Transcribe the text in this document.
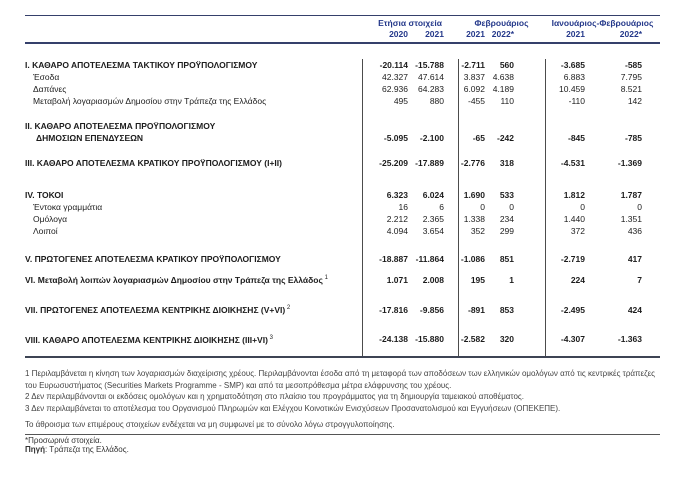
Ετήσια στοιχεία	Φεβρουάριος	Ιανουάριος-Φεβρουάριος
2020	2021	2021 2022*	2021	2022*
I. ΚΑΘΑΡΟ ΑΠΟΤΕΛΕΣΜΑ ΤΑΚΤΙΚΟΥ ΠΡΟΫΠΟΛΟΓΙΣΜΟΥ	-20.114 -15.788	-2.711	560	-3.685	-585
Έσοδα	42.327	47.614	3.837 4.638	6.883	7.795
Δαπάνες	62.936	64.283	6.092 4.189	10.459	8.521
Μεταβολή λογαριασμών Δημοσίου στην Τράπεζα της Ελλάδος	495	880	-455	110	-110	142
II. ΚΑΘΑΡΟ ΑΠΟΤΕΛΕΣΜΑ ΠΡΟΫΠΟΛΟΓΙΣΜΟΥ
ΔΗΜΟΣΙΩΝ ΕΠΕΝΔΥΣΕΩΝ	-5.095	-2.100	-65	-242	-845	-785
III. ΚΑΘΑΡΟ ΑΠΟΤΕΛΕΣΜΑ ΚΡΑΤΙΚΟΥ ΠΡΟΫΠΟΛΟΓΙΣΜΟΥ (I+II)	-25.209 -17.889	-2.776	318	-4.531	-1.369
IV. ΤΟΚΟΙ	6.323	6.024	1.690	533	1.812	1.787
Έντοκα γραμμάτια	16	6	0	0	0	0
Ομόλογα	2.212	2.365	1.338	234	1.440	1.351
Λοιποί	4.094	3.654	352	299	372	436
V. ΠΡΩΤΟΓΕΝΕΣ ΑΠΟΤΕΛΕΣΜΑ ΚΡΑΤΙΚΟΥ ΠΡΟΫΠΟΛΟΓΙΣΜΟΥ	-18.887 -11.864	-1.086	851	-2.719	417
VI. Μεταβολή λοιπών λογαριασμών Δημοσίου στην Τράπεζα της Ελλάδος $^1$	1.071	2.008	195	1	224	7
VII. ΠΡΩΤΟΓΕΝΕΣ ΑΠΟΤΕΛΕΣΜΑ ΚΕΝΤΡΙΚΗΣ ΔΙΟΙΚΗΣΗΣ (V+VI) $^2$	-17.816	-9.856	-891	853	-2.495	424
VIII. ΚΑΘΑΡΟ ΑΠΟΤΕΛΕΣΜΑ ΚΕΝΤΡΙΚΗΣ ΔΙΟΙΚΗΣΗΣ (III+VI) $^3$	-24.138 -15.880	-2.582	320	-4.307	-1.363
1 Περιλαμβάνεται η κίνηση των λογαριασμών διαχείρισης χρέους. Περιλαμβάνονται έσοδα από τη μεταφορά των αποδόσεων των ελληνικών ομολόγων από τις κεντρικές τράπεζες του Ευρωσυστήματος (Securities Markets Programme - SMP) και από τα μεσοπρόθεσμα μέτρα ελάφρυνσης του χρέους.
2 Δεν περιλαμβάνονται οι εκδόσεις ομολόγων και η χρηματοδότηση στο πλαίσιο του προγράμματος για τη δημιουργία ταμειακού αποθέματος.
3 Δεν περιλαμβάνεται το αποτέλεσμα του Οργανισμού Πληρωμών και Ελέγχου Κοινοτικών Ενισχύσεων Προσανατολισμού και Εγγυήσεων (ΟΠΕΚΕΠΕ).
Το άθροισμα των επιμέρους στοιχείων ενδέχεται να μη συμφωνεί με το σύνολο λόγω στρογγυλοποίησης.
*Προσωρινά στοιχεία.
Πηγή: Τράπεζα της Ελλάδος.
